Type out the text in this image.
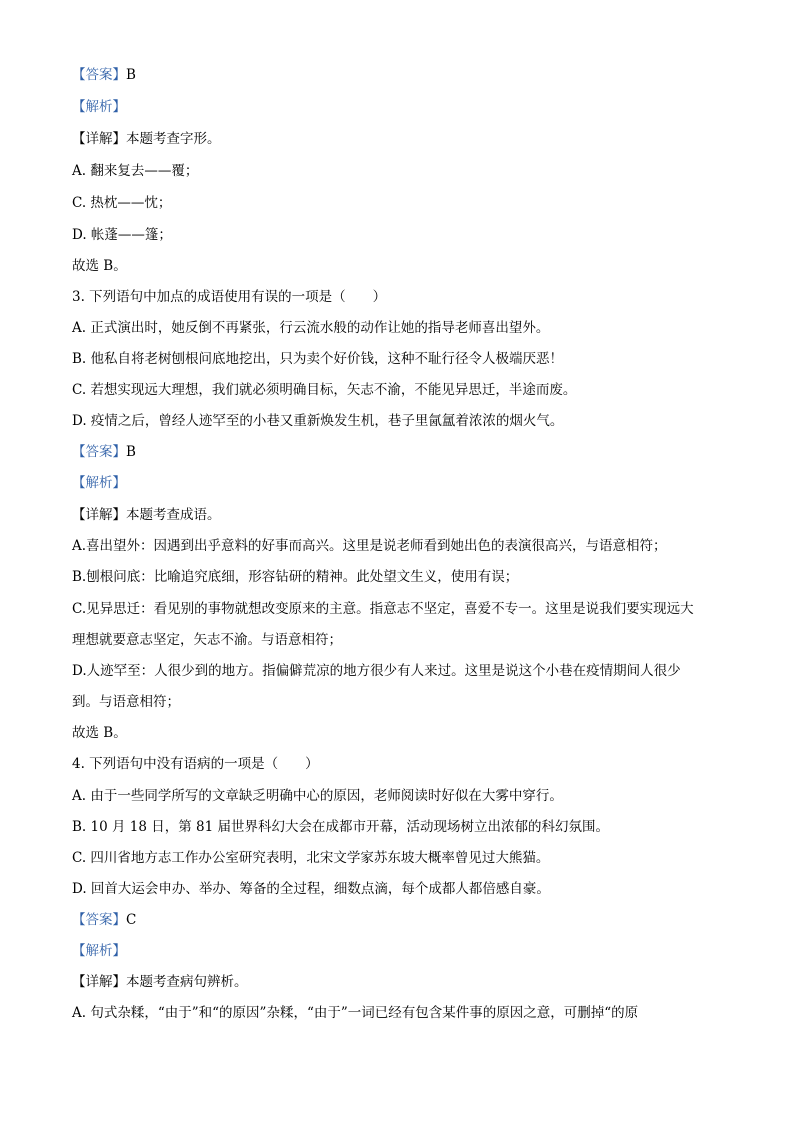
【答案】B
【解析】
【详解】本题考查字形。
A. 翻来复去——覆；
C. 热枕——忱；
D. 帐蓬——篷；
故选 B。
3. 下列语句中加点的成语使用有误的一项是（　　）
A. 正式演出时，她反倒不再紧张，行云流水般的动作让她的指导老师喜出望外。
B. 他私自将老树刨根问底地挖出，只为卖个好价钱，这种不耻行径令人极端厌恶！
C. 若想实现远大理想，我们就必须明确目标，矢志不渝，不能见异思迁，半途而废。
D. 疫情之后，曾经人迹罕至的小巷又重新焕发生机，巷子里氤氲着浓浓的烟火气。
【答案】B
【解析】
【详解】本题考查成语。
A.喜出望外：因遇到出乎意料的好事而高兴。这里是说老师看到她出色的表演很高兴，与语意相符；
B.刨根问底：比喻追究底细，形容钻研的精神。此处望文生义，使用有误；
C.见异思迁：看见别的事物就想改变原来的主意。指意志不坚定，喜爱不专一。这里是说我们要实现远大
理想就要意志坚定，矢志不渝。与语意相符；
D.人迹罕至：人很少到的地方。指偏僻荒凉的地方很少有人来过。这里是说这个小巷在疫情期间人很少
到。与语意相符；
故选 B。
4. 下列语句中没有语病的一项是（　　）
A. 由于一些同学所写的文章缺乏明确中心的原因，老师阅读时好似在大雾中穿行。
B. 10 月 18 日，第 81 届世界科幻大会在成都市开幕，活动现场树立出浓郁的科幻氛围。
C. 四川省地方志工作办公室研究表明，北宋文学家苏东坡大概率曾见过大熊猫。
D. 回首大运会申办、举办、筹备的全过程，细数点滴，每个成都人都倍感自豪。
【答案】C
【解析】
【详解】本题考查病句辨析。
A. 句式杂糅，“由于”和“的原因”杂糅，“由于”一词已经有包含某件事的原因之意，可删掉“的原
